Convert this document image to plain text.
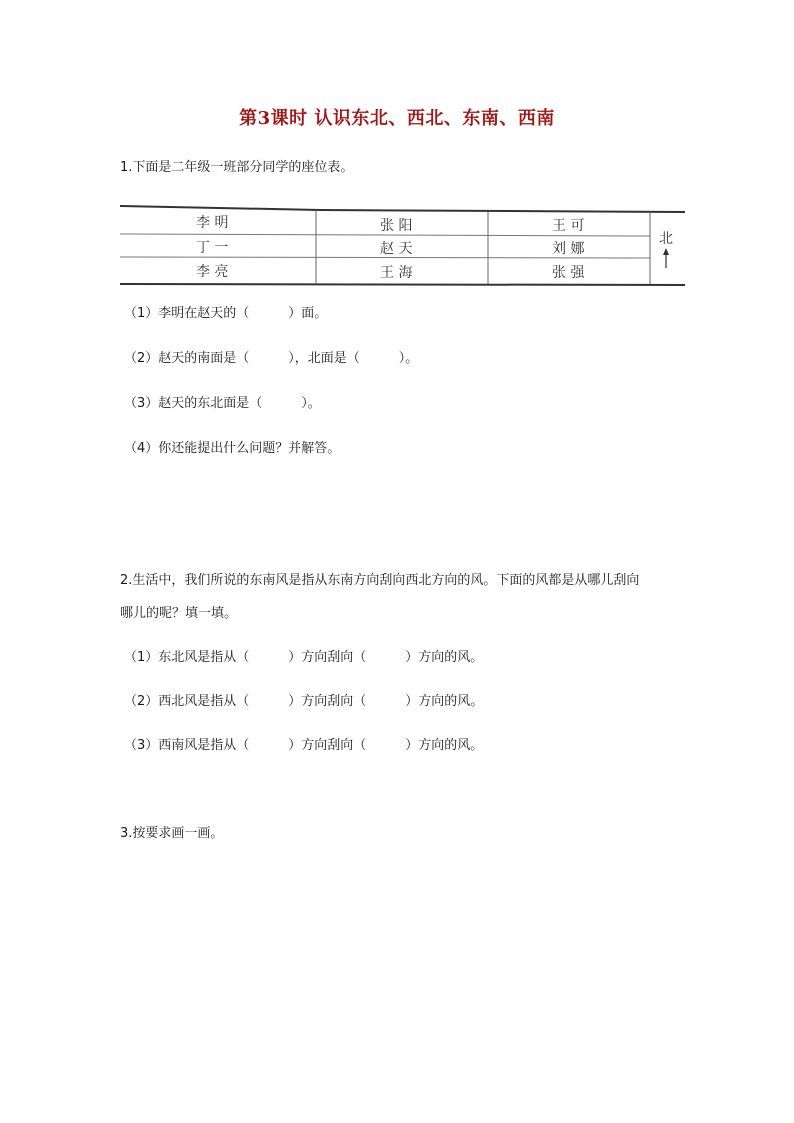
第3课时 认识东北、西北、东南、西南
1.下面是二年级一班部分同学的座位表。
李 明	张 阳	王 可
丁 一	赵 天	刘 娜
李 亮	王 海	张 强
北
（1）李明在赵天的（　　　）面。
（2）赵天的南面是（　　　），北面是（　　　）。
（3）赵天的东北面是（　　　）。
（4）你还能提出什么问题？并解答。
2.生活中，我们所说的东南风是指从东南方向刮向西北方向的风。下面的风都是从哪儿刮向
哪儿的呢？填一填。
（1）东北风是指从（　　　）方向刮向（　　　）方向的风。
（2）西北风是指从（　　　）方向刮向（　　　）方向的风。
（3）西南风是指从（　　　）方向刮向（　　　）方向的风。
3.按要求画一画。
